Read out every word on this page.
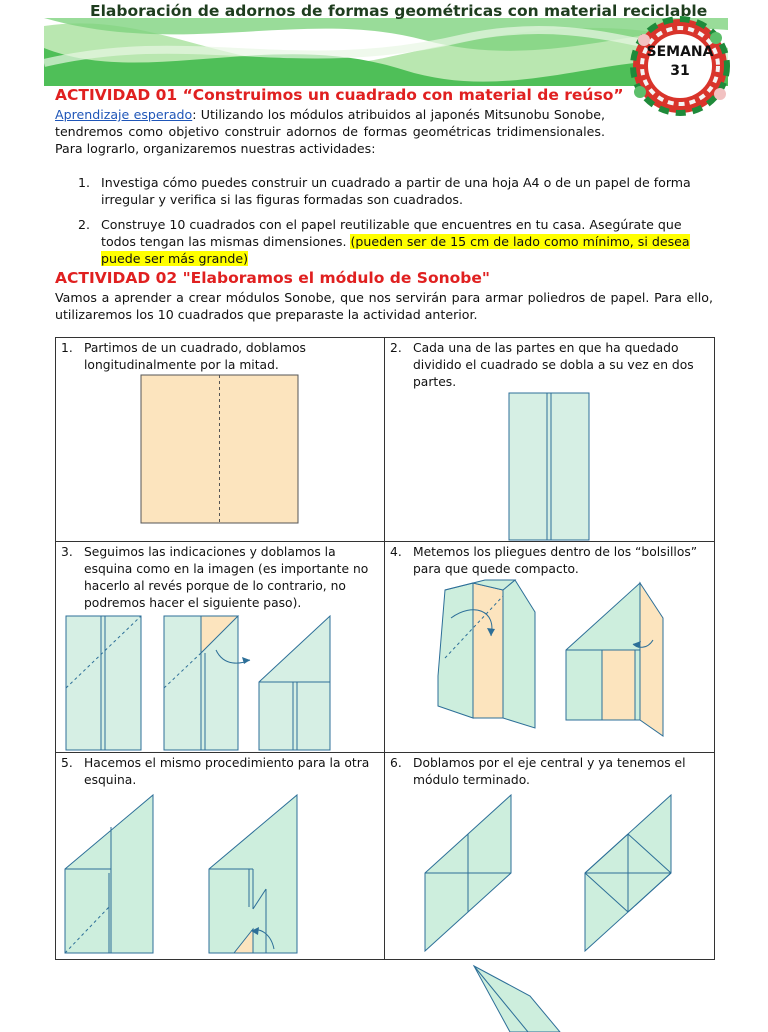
Elaboración de adornos de formas geométricas con material reciclable
SEMANA
31
ACTIVIDAD 01 “Construimos un cuadrado con material de reúso”
Aprendizaje esperado: Utilizando los módulos atribuidos al japonés Mitsunobu Sonobe, tendremos como objetivo construir adornos de formas geométricas tridimensionales. Para lograrlo, organizaremos nuestras actividades:
1. Investiga cómo puedes construir un cuadrado a partir de una hoja A4 o de un papel de forma irregular y verifica si las figuras formadas son cuadrados.
2. Construye 10 cuadrados con el papel reutilizable que encuentres en tu casa. Asegúrate que todos tengan las mismas dimensiones. (pueden ser de 15 cm de lado como mínimo, si desea puede ser más grande)
ACTIVIDAD 02 "Elaboramos el módulo de Sonobe"
Vamos a aprender a crear módulos Sonobe, que nos servirán para armar poliedros de papel. Para ello, utilizaremos los 10 cuadrados que preparaste la actividad anterior.
1. Partimos de un cuadrado, doblamos longitudinalmente por la mitad.	2. Cada una de las partes en que ha quedado dividido el cuadrado se dobla a su vez en dos partes.

3. Seguimos las indicaciones y doblamos la esquina como en la imagen (es importante no hacerlo al revés porque de lo contrario, no podremos hacer el siguiente paso).	4. Metemos los pliegues dentro de los “bolsillos” para que quede compacto.

5. Hacemos el mismo procedimiento para la otra esquina.	6. Doblamos por el eje central y ya tenemos el módulo terminado.
